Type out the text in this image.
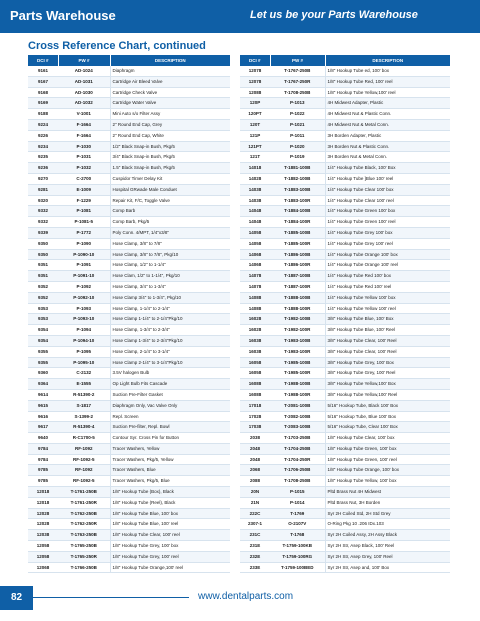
Parts Warehouse	Let us be your Parts Warehouse
Cross Reference Chart, continued
DCI #	PW #	DESCRIPTION
9161	AD-1024	Diaphragm
9167	AD-1031	Cartridge Air Bleed Valve
9168	AD-1030	Cartridge Check Valve
9169	AD-1032	Cartridge Water Valve
9188	V-1001	Mini Auto s/o Filter Assy
9224	F-1664	2" Round End Cap, Grey
9226	F-1664	2" Round End Cap, White
9234	P-1030	1/2" Black Snap-in Bush, Pkg/5
9235	P-1031	3/4" Black Snap-in Bush, Pkg/5
9236	P-1032	1.5" Black Snap-in Bush, Pkg/5
9270	C-2700	Cuspidor Timer Delay Kit
9281	E-1009	Hospital GRwade Male Conduet
9320	F-1229	Repair Kit, F/C, Toggle Valve
9332	P-1081	Comp Barb
9332	P-1081-5	Comp Barb, Pkg/5
9339	P-1772	Poly Conn. 4/MPT, 1/4"x3/8"
9350	P-1090	Hose Clamp, 3/8" to 7/8"
9350	P-1090-10	Hose Clamp, 3/8" to 7/8", Pkg/10
9351	P-1091	Hose Clamp, 1/2" to 1-1/4"
9351	P-1091-10	Hose Clam, 1/2" to 1-1/4", Pkg/10
9352	P-1092	Hose Clamp, 3/4" to 1-3/4"
9352	P-1092-10	Hose Clamp 3/4" to 1-3/4", Pkg/10
9353	P-1093	Hose Clamp, 1-1/4" to 2-1/4"
9353	P-1093-10	Hose Clamp 1-1/4" to 2-1/4"Pkg/10
9354	P-1094	Hose Clamp, 1-3/4" to 2-3/4"
9354	P-1094-10	Hose Clamp 1-3/4" to 2-3/4"Pkg/10
9355	P-1095	Hose Clamp, 2-1/4" to 3-1/4"
9355	P-1095-10	Hose Clamp 2-1/4" to 3-1/4"Pkg/10
9360	C-2132	3.5V halogen Bulb
9364	E-1555	Op Light Bulb Fits Cascade
9614	R-51390-2	Suction Pre-Filter Gasket
9615	S-1817	Diaphragm Only, Vac Valve Only
9616	S-1399-2	Repl. Screen
9617	R-51390-4	Suction Pre-filter, Repl. Bowl
9640	R-C1700-5	Contour Syr. Cross Pin for Button
9784	RF-1092	Tracer Washers, Yellow
9784	RF-1092-5	Tracer Washers, Pkg/5, Yellow
9785	RF-1092	Tracer Washers, Blue
9785	RF-1092-5	Tracer Washers, Pkg/5, Blue
12018	T-1761-250B	1/8" Hookup Tube (Box), Black
12018	T-1761-250R	1/8" Hookup Tube (Reel), Black
12028	T-1762-250B	1/8" Hookup Tube Blue, 100' box
12028	T-1762-250R	1/8" Hookup Tube Blue, 100' reel
12038	T-1763-250B	1/8" Hookup Tube Clear, 100' reel
12058	T-1765-250B	1/8" Hookup Tube Grey, 100' box
12058	T-1765-250R	1/8" Hookup Tube Grey, 100' reel
12068	T-1766-250B	1/8" Hookup Tube Orange,100' reel
DCI #	PW #	DESCRIPTION
12078	T-1767-250B	1/8" Hookup Tube ed, 100' box
12078	T-1767-250R	1/8" Hookup Tube Red, 100' reel
12088	T-1708-250B	1/8" Hookup Tube Yellow,100' reel
120P	P-1013	4H Midwest Adapter, Plastic
120PT	P-1022	4H Midwest Nut & Plastic Conn.
120T	P-1021	4H Midwest Nut & Metal Conn.
121P	P-1011	3H Borden Adapter, Plastic
121PT	P-1020	3H Borden Nut & Plastic Conn.
121T	P-1019	3H Borden Nut & Metal Conn.
14018	T-1881-100B	1/4" Hookup Tube Black, 100' Box
14028	T-1882-100B	1/4" Hookup Tube ]Blue 100' reel
14038	T-1883-100B	1/4" Hookup Tube Clear 100' box
14038	T-1883-100R	1/4" Hookup Tube Clear 100' reel
14048	T-1884-100B	1/4" Hookup Tube Green 100' box
14048	T-1884-100R	1/4" Hookup Tube Green 100' reel
14058	T-1885-100B	1/4" Hookup Tube Grey 100' box
14058	T-1885-100R	1/4" Hookup Tube Grey 100' reel
14068	T-1886-100B	1/4" Hookup Tube Orange 100' box
14068	T-1886-100R	1/4" Hookup Tube Orange 100' reel
14078	T-1887-100B	1/4" Hookup Tube Red 100' box
14078	T-1887-100R	1/4" Hookup Tube Red 100' reel
14088	T-1888-100B	1/4" Hookup Tube Yellow 100' box
14088	T-1888-100R	1/4" Hookup Tube Yellow 100' reel
16028	T-1982-100B	3/8" Hookup Tube Blue, 100' Box
16028	T-1982-100R	3/8" Hookup Tube Blue, 100' Reel
16038	T-1983-100B	3/8" Hookup Tube Clear, 100' Reel
16038	T-1983-100R	3/8" Hookup Tube Clear, 100' Reel
16058	T-1985-100B	3/8" Hookup Tube Grey, 100' Box
16058	T-1985-100R	3/8" Hookup Tube Grey, 100' Reel
16088	T-1988-100B	3/8" Hookup Tube Yellow,100' Box
16088	T-1988-100R	3/8" Hookup Tube Yellow,100' Reel
17018	T-2081-100B	5/16" Hookup Tube, Black 100' Box
17028	T-2082-100B	5/16" Hookup Tube, Blue 100' Box
17038	T-2083-100B	5/16" Hookup Tube, Clear 100' Box
2038	T-1703-250B	1/8" Hookup Tube Clear, 100' box
2048	T-1704-250B	1/8" Hookup Tube Green, 100' box
2048	T-1704-250R	1/8" Hookup Tube Green, 100' reel
2068	T-1706-250B	1/8" Hookup Tube Orange, 100' box
2088	T-1708-250B	1/8" Hookup Tube Yellow, 100' box
20N	P-1015	Pltd Brass Nut 4H Midwest
21N	P-1014	Pltd Brass Nut, 3H Borden
222C	T-1769	Syr 2H Coiled Std, 2H Std Grey
2307-1	O-2107V	O-Ring Pkg 10 .206 IDx.103
231C	T-1768	Syr 2H Coiled Assy, 2H Assy Black
231E	T-1759-100KB	Syr 2H Str, Asep Black, 100' Reel
232E	T-1759-100RG	Syr 2H Str, Asep Grey, 100' Reel
233E	T-1759-100BED	Syr 2H Str, Asep and, 100' Box
82	www.dentalparts.com
